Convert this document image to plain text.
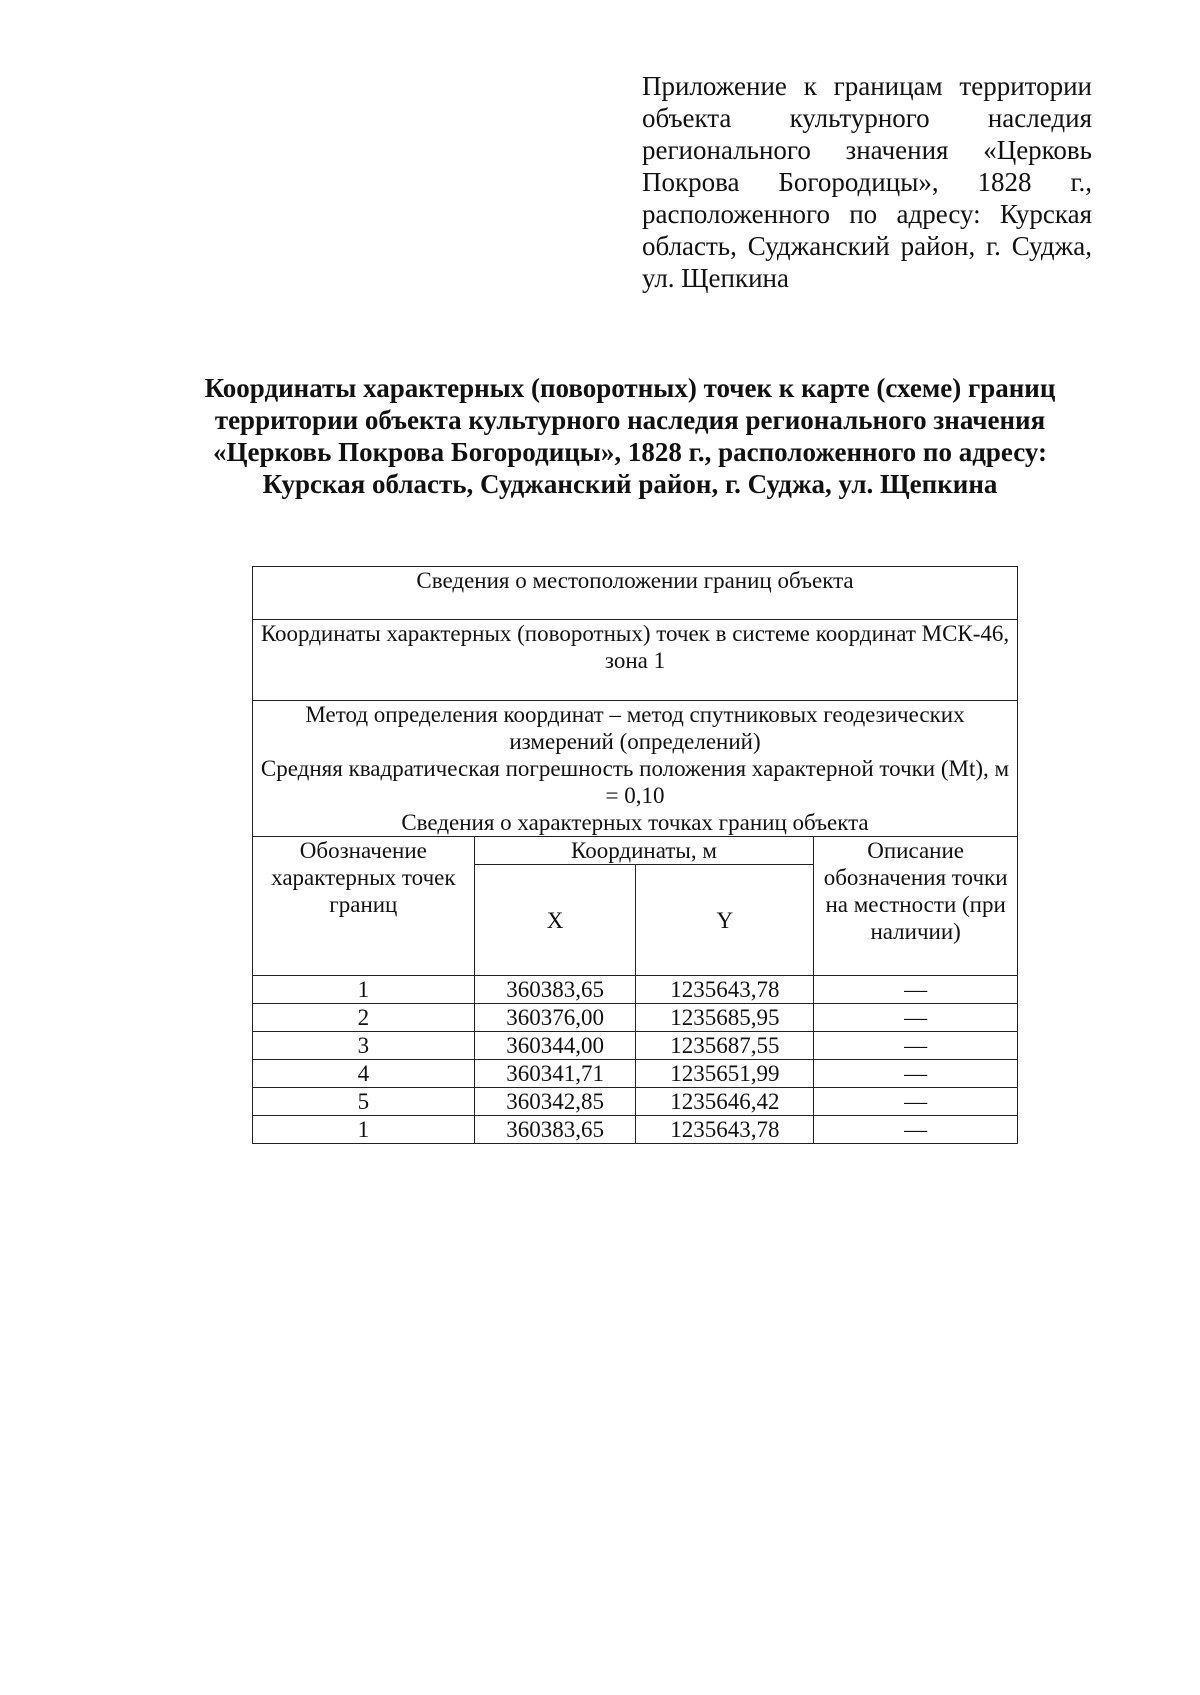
Приложение к границам территории объекта культурного наследия регионального значения «Церковь Покрова Богородицы», 1828 г., расположенного по адресу: Курская область, Суджанский район, г. Суджа, ул. Щепкина
Координаты характерных (поворотных) точек к карте (схеме) границ
территории объекта культурного наследия регионального значения
«Церковь Покрова Богородицы», 1828 г., расположенного по адресу:
Курская область, Суджанский район, г. Суджа, ул. Щепкина
Сведения о местоположении границ объекта			
Координаты характерных (поворотных) точек в системе координат МСК-46, зона 1			

Метод определения координат – метод спутниковых геодезических измерений (определений)
Средняя квадратическая погрешность положения характерной точки (Mt), м = 0,10
Сведения о характерных точках границ объекта			

Обозначение характерных точек границ	Координаты, м		Описание обозначения точки на местности (при наличии)
	X	Y	
1	360383,65	1235643,78	—
2	360376,00	1235685,95	—
3	360344,00	1235687,55	—
4	360341,71	1235651,99	—
5	360342,85	1235646,42	—
1	360383,65	1235643,78	—
